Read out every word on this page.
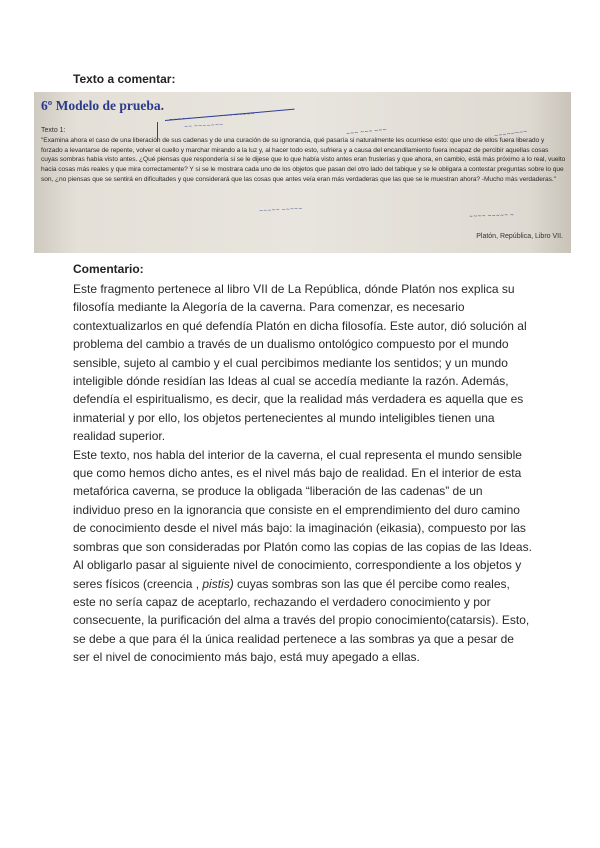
Texto a comentar:
6º Modelo de prueba.
Texto 1:

"Examina ahora el caso de una liberación de sus cadenas y de una curación de su ignorancia, qué pasaría si naturalmente les ocurriese esto: que uno de ellos fuera liberado y forzado a levantarse de repente, volver el cuello y marchar mirando a la luz y, al hacer todo esto, sufriera y a causa del encandilamiento fuera incapaz de percibir aquellas cosas cuyas sombras había visto antes. ¿Qué piensas que respondería si se le dijese que lo que había visto antes eran fruslerías y que ahora, en cambio, está más próximo a lo real, vuelto hacia cosas más reales y que mira correctamente? Y si se le mostrara cada uno de los objetos que pasan del otro lado del tabique y se le obligara a contestar preguntas sobre lo que son, ¿no piensas que se sentirá en dificultades y que considerará que las cosas que antes veía eran más verdaderas que las que se le muestran ahora? -Mucho más verdaderas."

Platón, República, Libro VII.
~~~~ ~ ~~~~~~~ ~~ ~~~~~
~~ ~~~~~~~
~~~ ~~~ ~~~	~~~~~~~~
~~~~~ ~~~~~
~~~~ ~~~~~ ~
Comentario:

Este fragmento pertenece al libro VII de La República, dónde Platón nos explica su filosofía mediante la Alegoría de la caverna. Para comenzar, es necesario contextualizarlos en qué defendía Platón en dicha filosofía. Este autor, dió solución al problema del cambio a través de un dualismo ontológico compuesto por el mundo sensible, sujeto al cambio y el cual percibimos mediante los sentidos; y un mundo inteligible dónde residían las Ideas al cual se accedía mediante la razón. Además, defendía el espiritualismo, es decir, que la realidad más verdadera es aquella que es inmaterial y por ello, los objetos pertenecientes al mundo inteligibles tienen una realidad superior.

Este texto, nos habla del interior de la caverna, el cual representa el mundo sensible que como hemos dicho antes, es el nivel más bajo de realidad. En el interior de esta metafórica caverna, se produce la obligada “liberación de las cadenas” de un individuo preso en la ignorancia que consiste en el emprendimiento del duro camino de conocimiento desde el nivel más bajo: la imaginación (eikasia), compuesto por las sombras que son consideradas por Platón como las copias de las copias de las Ideas. Al obligarlo pasar al siguiente nivel de conocimiento, correspondiente a los objetos y seres físicos (creencia , pistis) cuyas sombras son las que él percibe como reales, este no sería capaz de aceptarlo, rechazando el verdadero conocimiento y por consecuente, la purificación del alma a través del propio conocimiento(catarsis). Esto, se debe a que para él la única realidad pertenece a las sombras ya que a pesar de ser el nivel de conocimiento más bajo, está muy apegado a ellas.
